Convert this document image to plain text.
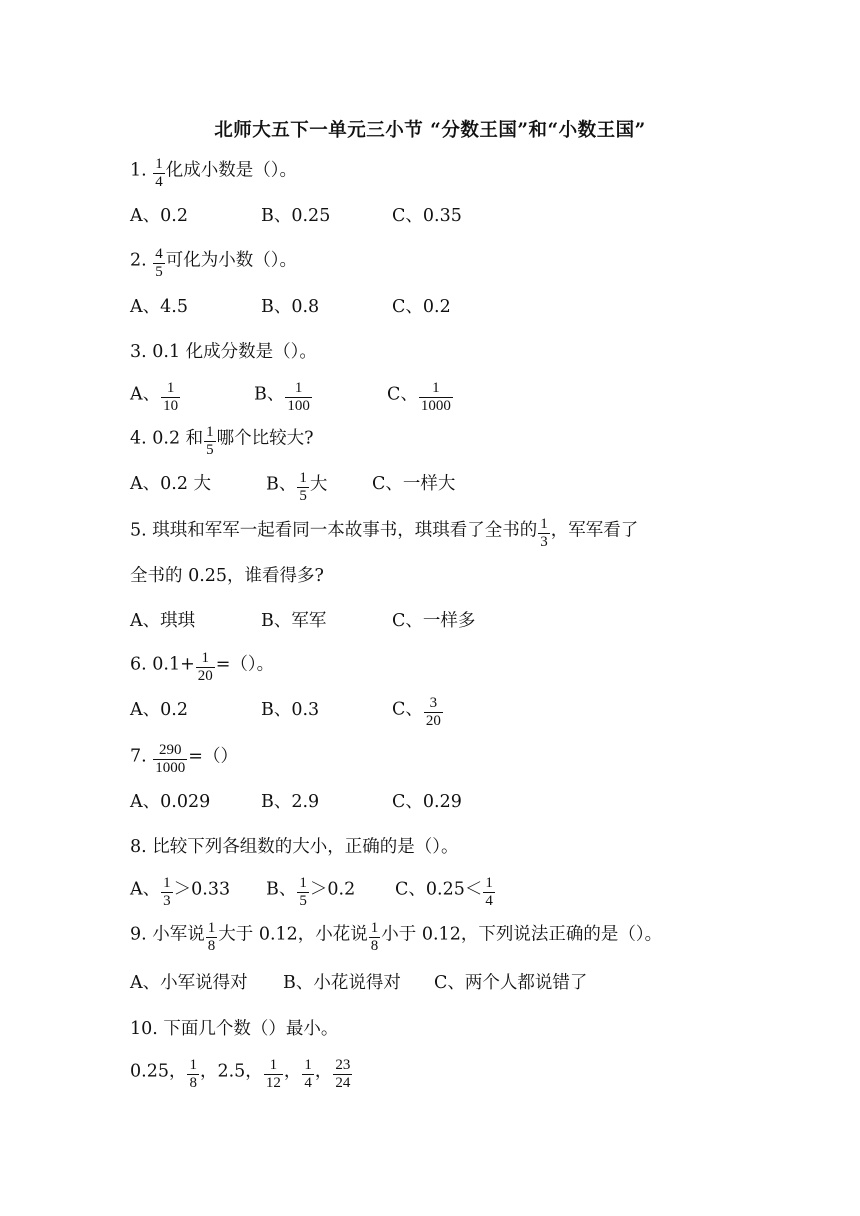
北师大五下一单元三小节 “分数王国”和“小数王国”
1. $\frac{1}{4}$ 化成小数是（）。
A、0.2	B、0.25	C、0.35
2. $\frac{4}{5}$ 可化为小数（）。
A、4.5	B、0.8	C、0.2
3. 0.1 化成分数是（）。
A、 $\frac{1}{10}$	B、 $\frac{1}{100}$	C、 $\frac{1}{1000}$
4. 0.2 和 $\frac{1}{5}$ 哪个比较大?
A、0.2 大	B、 $\frac{1}{5}$ 大	C、一样大
5. 琪琪和军军一起看同一本故事书，琪琪看了全书的 $\frac{1}{3}$ ，军军看了
全书的 0.25，谁看得多?
A、琪琪	B、军军	C、一样多
6. $0.1+ \frac{1}{20}$ =（）。
A、0.2	B、0.3	C、 $\frac{3}{20}$
7. $\frac{290}{1000}$ =（）
A、0.029	B、2.9	C、0.29
8. 比较下列各组数的大小，正确的是（）。
A、 $\frac{1}{3} >0.33$ B、 $\frac{1}{5} >0.2$ C、$0.25< \frac{1}{4}$
9. 小军说 $\frac{1}{8}$ 大于 0.12，小花说 $\frac{1}{8}$ 小于 0.12，下列说法正确的是（）。
A、小军说得对 B、小花说得对 C、两个人都说错了
10. 下面几个数（）最小。
0.25， $\frac{1}{8}$ ，2.5， $\frac{1}{12}$ ， $\frac{1}{4}$ ， $\frac{23}{24}$
